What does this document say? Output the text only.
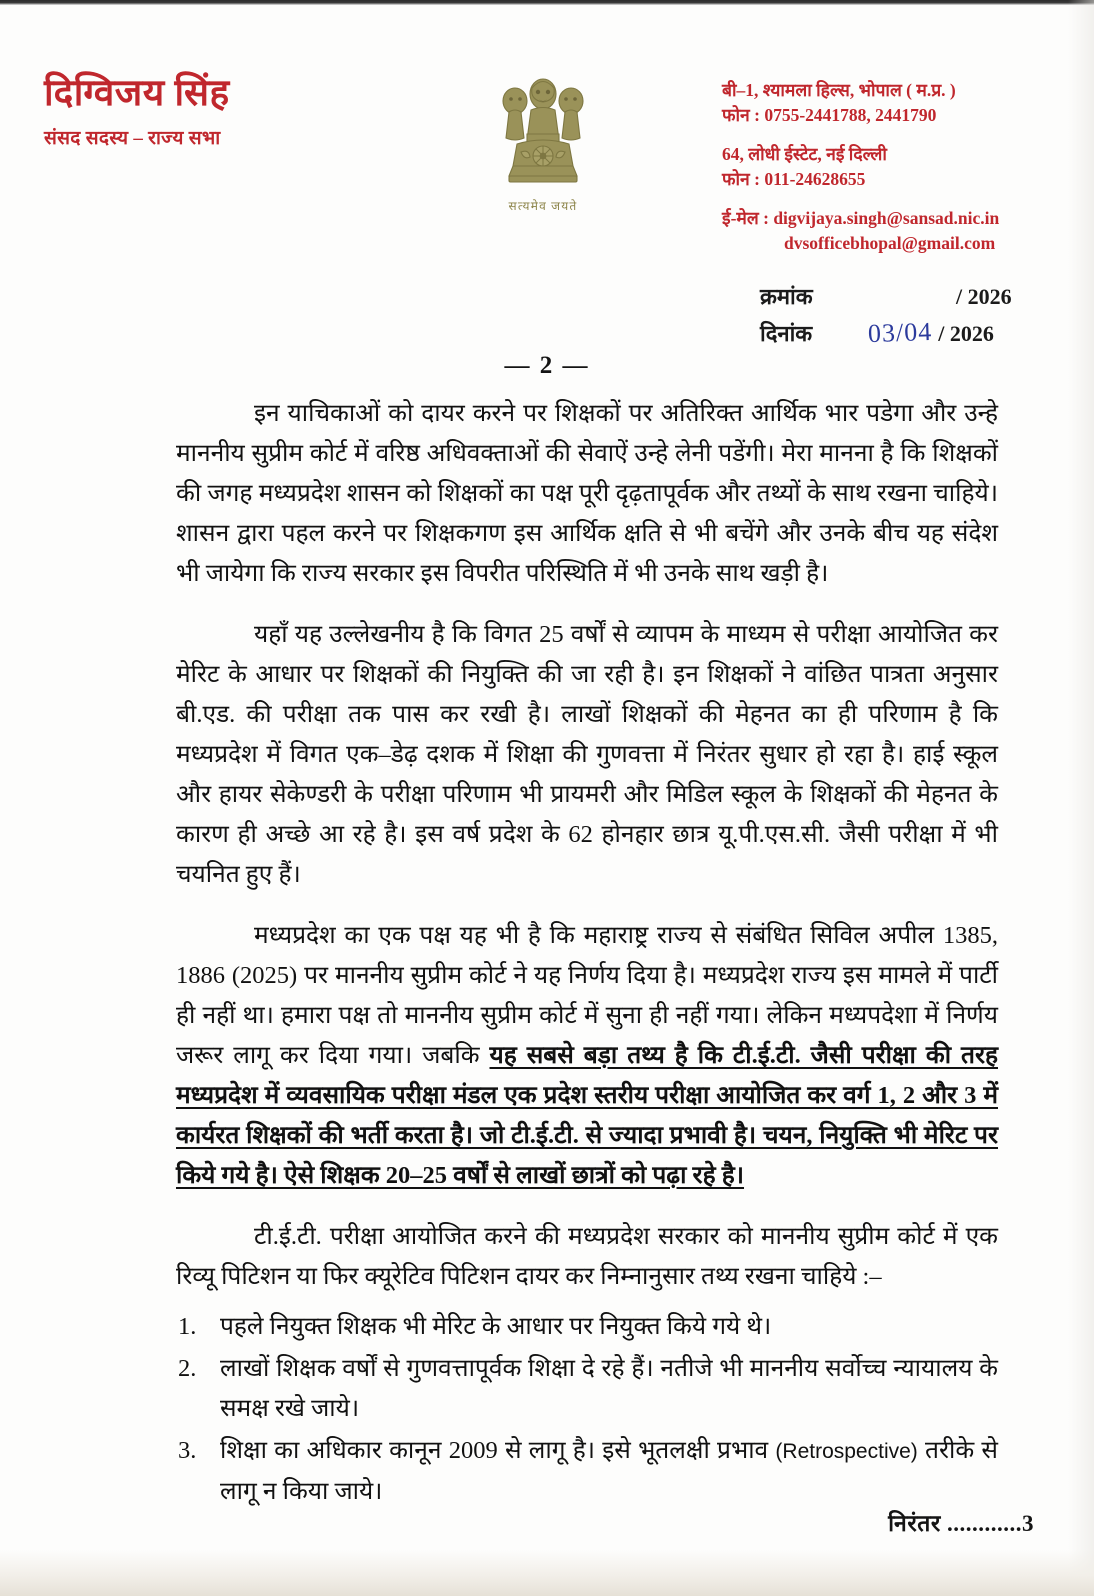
दिग्विजय सिंह
संसद सदस्य – राज्य सभा
सत्यमेव जयते
बी–1, श्यामला हिल्स, भोपाल ( म.प्र. )
फोन : 0755-2441788, 2441790
64, लोधी ईस्टेट, नई दिल्ली
फोन : 011-24628655
ई-मेल : digvijaya.singh@sansad.nic.in
dvsofficebhopal@gmail.com
क्रमांक	/ 2026
दिनांक	03/04 / 2026
— 2 —

इन याचिकाओं को दायर करने पर शिक्षकों पर अतिरिक्त आर्थिक भार पडेगा और उन्हे माननीय सुप्रीम कोर्ट में वरिष्ठ अधिवक्ताओं की सेवाऐं उन्हे लेनी पडेंगी। मेरा मानना है कि शिक्षकों की जगह मध्यप्रदेश शासन को शिक्षकों का पक्ष पूरी दृढ़तापूर्वक और तथ्यों के साथ रखना चाहिये। शासन द्वारा पहल करने पर शिक्षकगण इस आर्थिक क्षति से भी बचेंगे और उनके बीच यह संदेश भी जायेगा कि राज्य सरकार इस विपरीत परिस्थिति में भी उनके साथ खड़ी है।

यहाँ यह उल्लेखनीय है कि विगत 25 वर्षों से व्यापम के माध्यम से परीक्षा आयोजित कर मेरिट के आधार पर शिक्षकों की नियुक्ति की जा रही है। इन शिक्षकों ने वांछित पात्रता अनुसार बी.एड. की परीक्षा तक पास कर रखी है। लाखों शिक्षकों की मेहनत का ही परिणाम है कि मध्यप्रदेश में विगत एक–डेढ़ दशक में शिक्षा की गुणवत्ता में निरंतर सुधार हो रहा है। हाई स्कूल और हायर सेकेण्डरी के परीक्षा परिणाम भी प्रायमरी और मिडिल स्कूल के शिक्षकों की मेहनत के कारण ही अच्छे आ रहे है। इस वर्ष प्रदेश के 62 होनहार छात्र यू.पी.एस.सी. जैसी परीक्षा में भी चयनित हुए हैं।

मध्यप्रदेश का एक पक्ष यह भी है कि महाराष्ट्र राज्य से संबंधित सिविल अपील 1385, 1886 (2025) पर माननीय सुप्रीम कोर्ट ने यह निर्णय दिया है। मध्यप्रदेश राज्य इस मामले में पार्टी ही नहीं था। हमारा पक्ष तो माननीय सुप्रीम कोर्ट में सुना ही नहीं गया। लेकिन मध्यपदेशा में निर्णय जरूर लागू कर दिया गया। जबकि यह सबसे बड़ा तथ्य है कि टी.ई.टी. जैसी परीक्षा की तरह मध्यप्रदेश में व्यवसायिक परीक्षा मंडल एक प्रदेश स्तरीय परीक्षा आयोजित कर वर्ग 1, 2 और 3 में कार्यरत शिक्षकों की भर्ती करता है। जो टी.ई.टी. से ज्यादा प्रभावी है। चयन, नियुक्ति भी मेरिट पर किये गये है। ऐसे शिक्षक 20–25 वर्षों से लाखों छात्रों को पढ़ा रहे है।

टी.ई.टी. परीक्षा आयोजित करने की मध्यप्रदेश सरकार को माननीय सुप्रीम कोर्ट में एक रिव्यू पिटिशन या फिर क्यूरेटिव पिटिशन दायर कर निम्नानुसार तथ्य रखना चाहिये :–

1. पहले नियुक्त शिक्षक भी मेरिट के आधार पर नियुक्त किये गये थे।
2. लाखों शिक्षक वर्षों से गुणवत्तापूर्वक शिक्षा दे रहे हैं। नतीजे भी माननीय सर्वोच्च न्यायालय के समक्ष रखे जाये।
3. शिक्षा का अधिकार कानून 2009 से लागू है। इसे भूतलक्षी प्रभाव (Retrospective) तरीके से लागू न किया जाये।
निरंतर ............3
